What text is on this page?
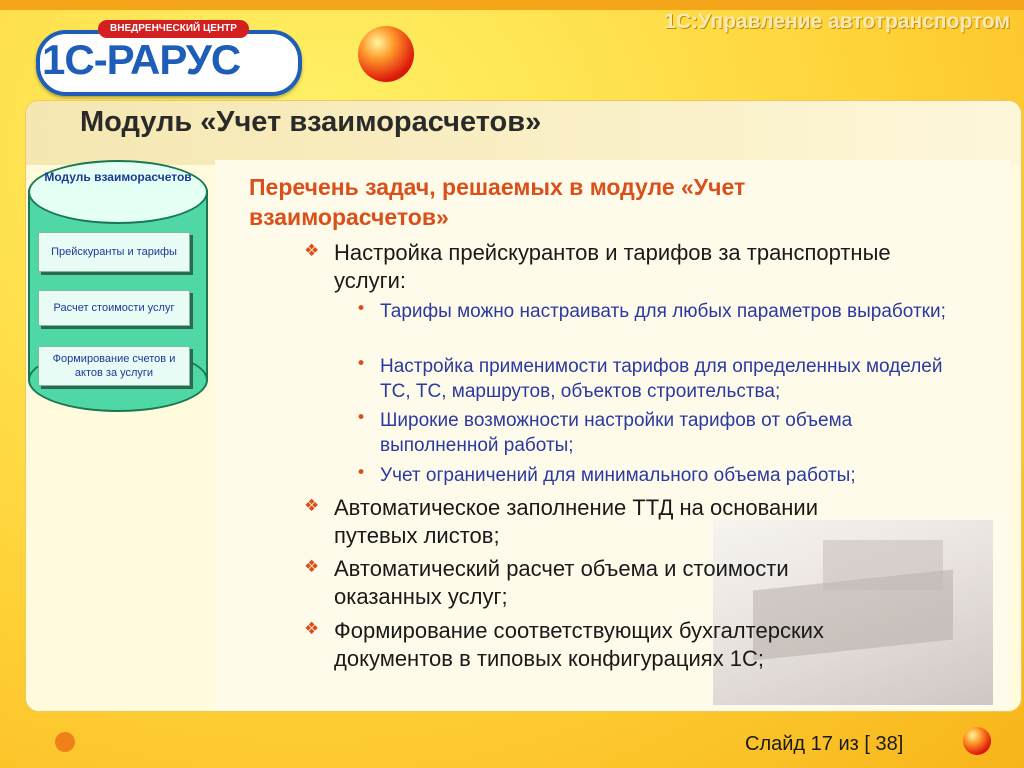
1С:Управление автотранспортом
ВНЕДРЕНЧЕСКИЙ ЦЕНТР
1С-РАРУС
Модуль «Учет взаиморасчетов»
Модуль взаиморасчетов
Прейскуранты и тарифы
Расчет стоимости услуг
Формирование счетов и актов за услуги
Перечень задач, решаемых в модуле «Учет взаиморасчетов»
❖ Настройка прейскурантов и тарифов за транспортные услуги:
• Тарифы можно настраивать для любых параметров выработки;
• Настройка применимости тарифов для определенных моделей ТС, ТС, маршрутов, объектов строительства;
• Широкие возможности настройки тарифов от объема выполненной работы;
• Учет ограничений для минимального объема работы;
❖ Автоматическое заполнение ТТД на основании путевых листов;
❖ Автоматический расчет объема и стоимости оказанных услуг;
❖ Формирование соответствующих бухгалтерских документов в типовых конфигурациях 1С;
Слайд 17 из [ 38]
